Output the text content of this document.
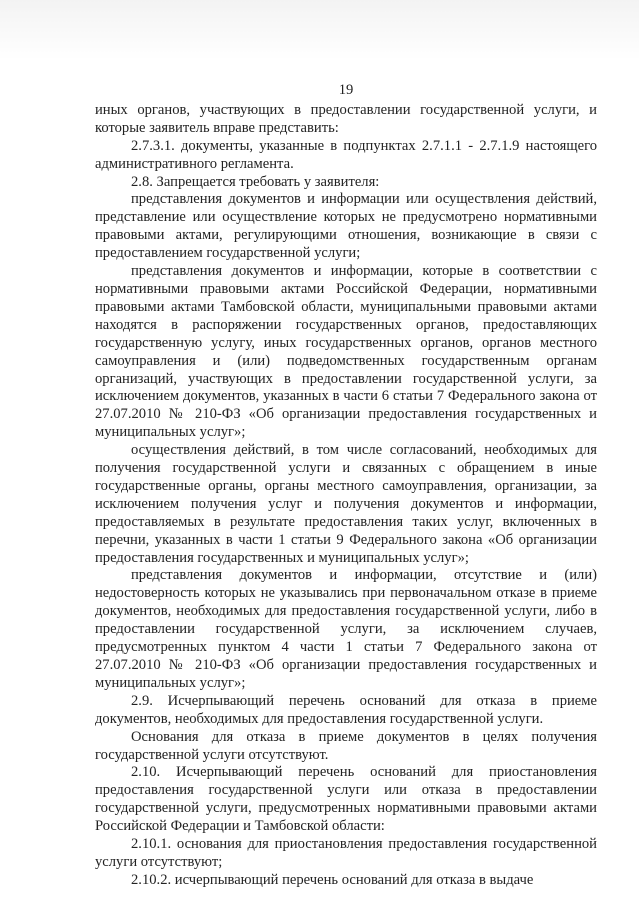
19

иных органов, участвующих в предоставлении государственной услуги, и которые заявитель вправе представить:

2.7.3.1. документы, указанные в подпунктах 2.7.1.1 - 2.7.1.9 настоящего административного регламента.

2.8. Запрещается требовать у заявителя:

представления документов и информации или осуществления действий, представление или осуществление которых не предусмотрено нормативными правовыми актами, регулирующими отношения, возникающие в связи с предоставлением государственной услуги;

представления документов и информации, которые в соответствии с нормативными правовыми актами Российской Федерации, нормативными правовыми актами Тамбовской области, муниципальными правовыми актами находятся в распоряжении государственных органов, предоставляющих государственную услугу, иных государственных органов, органов местного самоуправления и (или) подведомственных государственным органам организаций, участвующих в предоставлении государственной услуги, за исключением документов, указанных в части 6 статьи 7 Федерального закона от 27.07.2010 № 210-ФЗ «Об организации предоставления государственных и муниципальных услуг»;

осуществления действий, в том числе согласований, необходимых для получения государственной услуги и связанных с обращением в иные государственные органы, органы местного самоуправления, организации, за исключением получения услуг и получения документов и информации, предоставляемых в результате предоставления таких услуг, включенных в перечни, указанных в части 1 статьи 9 Федерального закона «Об организации предоставления государственных и муниципальных услуг»;

представления документов и информации, отсутствие и (или) недостоверность которых не указывались при первоначальном отказе в приеме документов, необходимых для предоставления государственной услуги, либо в предоставлении государственной услуги, за исключением случаев, предусмотренных пунктом 4 части 1 статьи 7 Федерального закона от 27.07.2010 № 210-ФЗ «Об организации предоставления государственных и муниципальных услуг»;

2.9. Исчерпывающий перечень оснований для отказа в приеме документов, необходимых для предоставления государственной услуги.

Основания для отказа в приеме документов в целях получения государственной услуги отсутствуют.

2.10. Исчерпывающий перечень оснований для приостановления предоставления государственной услуги или отказа в предоставлении государственной услуги, предусмотренных нормативными правовыми актами Российской Федерации и Тамбовской области:

2.10.1. основания для приостановления предоставления государственной услуги отсутствуют;

2.10.2. исчерпывающий перечень оснований для отказа в выдаче
